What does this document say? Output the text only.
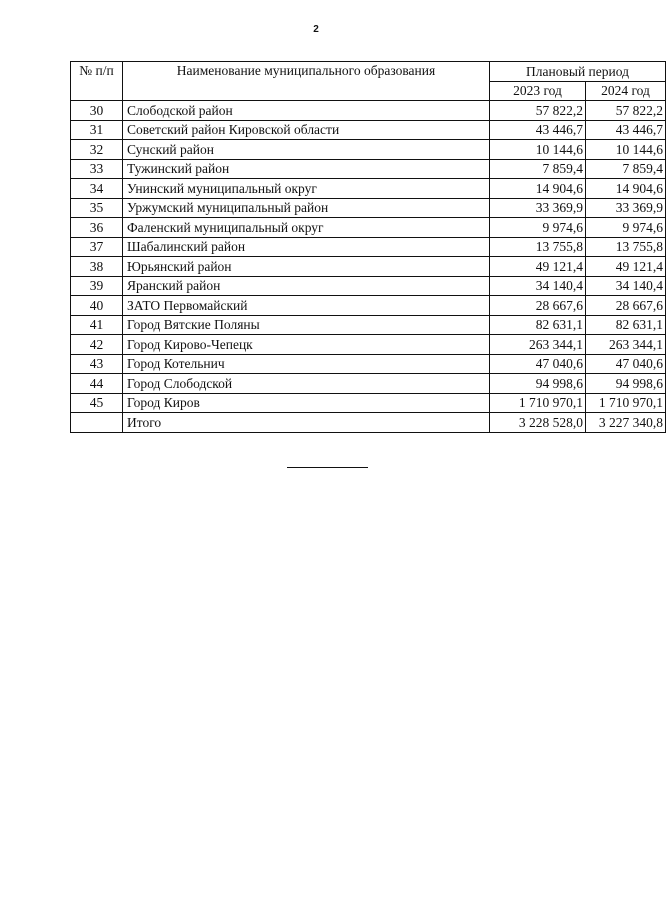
2
№ п/п	Наименование муниципального образования	Плановый период	
		2023 год	2024 год
30	Слободской район	57 822,2	57 822,2
31	Советский район Кировской области	43 446,7	43 446,7
32	Сунский район	10 144,6	10 144,6
33	Тужинский район	7 859,4	7 859,4
34	Унинский муниципальный округ	14 904,6	14 904,6
35	Уржумский муниципальный район	33 369,9	33 369,9
36	Фаленский муниципальный округ	9 974,6	9 974,6
37	Шабалинский район	13 755,8	13 755,8
38	Юрьянский район	49 121,4	49 121,4
39	Яранский район	34 140,4	34 140,4
40	ЗАТО Первомайский	28 667,6	28 667,6
41	Город Вятские Поляны	82 631,1	82 631,1
42	Город Кирово-Чепецк	263 344,1	263 344,1
43	Город Котельнич	47 040,6	47 040,6
44	Город Слободской	94 998,6	94 998,6
45	Город Киров	1 710 970,1	1 710 970,1
	Итого	3 228 528,0	3 227 340,8
